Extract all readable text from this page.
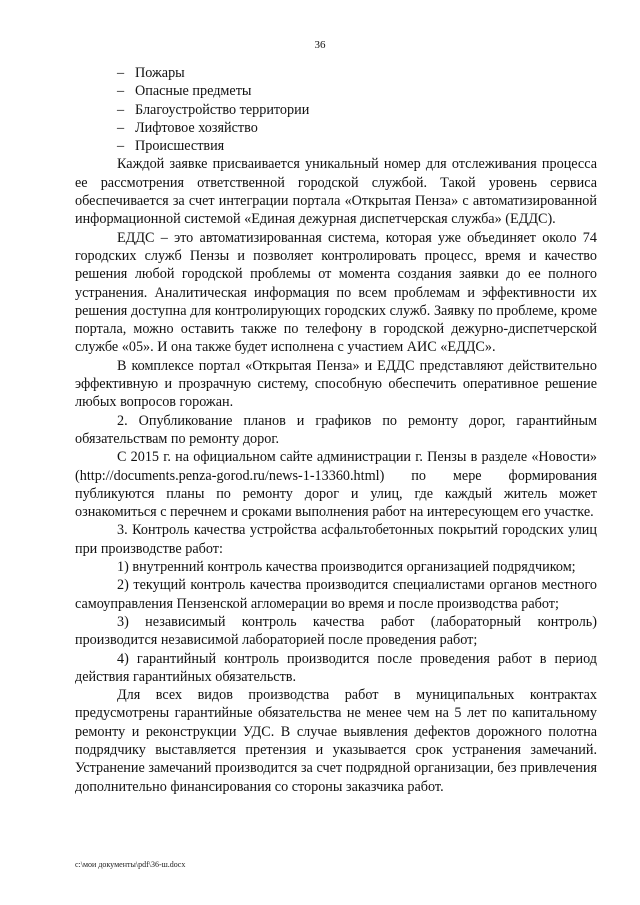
36
– Пожары
– Опасные предметы
– Благоустройство территории
– Лифтовое хозяйство
– Происшествия

Каждой заявке присваивается уникальный номер для отслеживания процесса ее рассмотрения ответственной городской службой. Такой уровень сервиса обеспечивается за счет интеграции портала «Открытая Пенза» с автоматизированной информационной системой «Единая дежурная диспетчерская служба» (ЕДДС).

ЕДДС – это автоматизированная система, которая уже объединяет около 74 городских служб Пензы и позволяет контролировать процесс, время и качество решения любой городской проблемы от момента создания заявки до ее полного устранения. Аналитическая информация по всем проблемам и эффективности их решения доступна для контролирующих городских служб. Заявку по проблеме, кроме портала, можно оставить также по телефону в городской дежурно-диспетчерской службе «05». И она также будет исполнена с участием АИС «ЕДДС».

В комплексе портал «Открытая Пенза» и ЕДДС представляют действительно эффективную и прозрачную систему, способную обеспечить оперативное решение любых вопросов горожан.

2. Опубликование планов и графиков по ремонту дорог, гарантийным обязательствам по ремонту дорог.

С 2015 г. на официальном сайте администрации г. Пензы в разделе «Новости» (http://documents.penza-gorod.ru/news-1-13360.html) по мере формирования публикуются планы по ремонту дорог и улиц, где каждый житель может ознакомиться с перечнем и сроками выполнения работ на интересующем его участке.

3. Контроль качества устройства асфальтобетонных покрытий городских улиц при производстве работ:

1) внутренний контроль качества производится организацией подрядчиком;

2) текущий контроль качества производится специалистами органов местного самоуправления Пензенской агломерации во время и после производства работ;

3) независимый контроль качества работ (лабораторный контроль) производится независимой лабораторией после проведения работ;

4) гарантийный контроль производится после проведения работ в период действия гарантийных обязательств.

Для всех видов производства работ в муниципальных контрактах предусмотрены гарантийные обязательства не менее чем на 5 лет по капитальному ремонту и реконструкции УДС. В случае выявления дефектов дорожного полотна подрядчику выставляется претензия и указывается срок устранения замечаний. Устранение замечаний производится за счет подрядной организации, без привлечения дополнительно финансирования со стороны заказчика работ.

c:\мои документы\pdf\36-ш.docx
